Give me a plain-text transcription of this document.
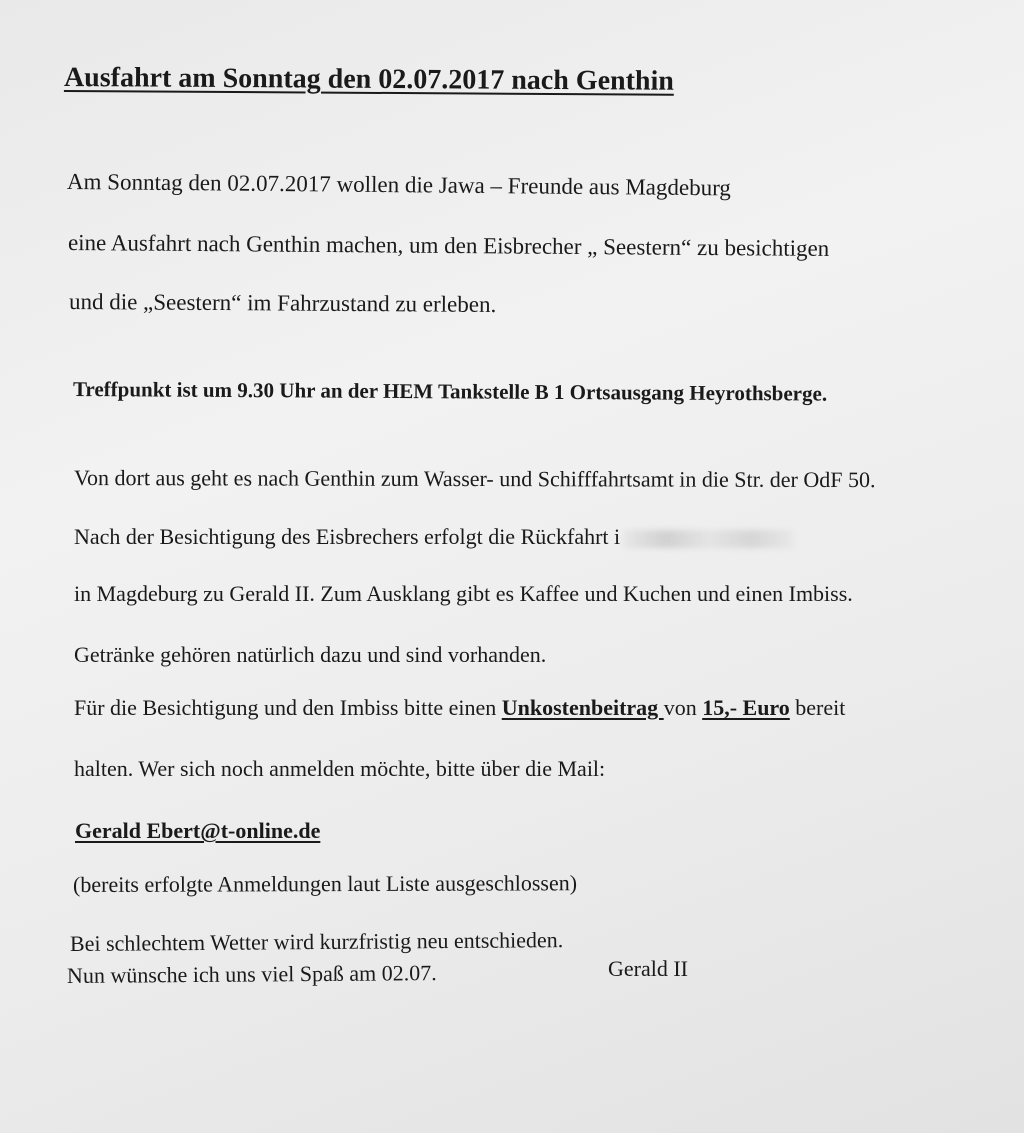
Ausfahrt am Sonntag den 02.07.2017 nach Genthin
Am Sonntag den 02.07.2017 wollen die Jawa – Freunde aus Magdeburg
eine Ausfahrt nach Genthin machen, um den Eisbrecher „ Seestern“ zu besichtigen
und die „Seestern“ im Fahrzustand zu erleben.
Treffpunkt ist um 9.30 Uhr an der HEM Tankstelle B 1 Ortsausgang Heyrothsberge.
Von dort aus geht es nach Genthin zum Wasser- und Schifffahrtsamt in die Str. der OdF 50.
Nach der Besichtigung des Eisbrechers erfolgt die Rückfahrt i
in Magdeburg zu Gerald II. Zum Ausklang gibt es Kaffee und Kuchen und einen Imbiss.
Getränke gehören natürlich dazu und sind vorhanden.
Für die Besichtigung und den Imbiss bitte einen Unkostenbeitrag von 15,- Euro bereit
halten. Wer sich noch anmelden möchte, bitte über die Mail:
Gerald Ebert@t-online.de
(bereits erfolgte Anmeldungen laut Liste ausgeschlossen)
Bei schlechtem Wetter wird kurzfristig neu entschieden.
Nun wünsche ich uns viel Spaß am 02.07.	Gerald II
